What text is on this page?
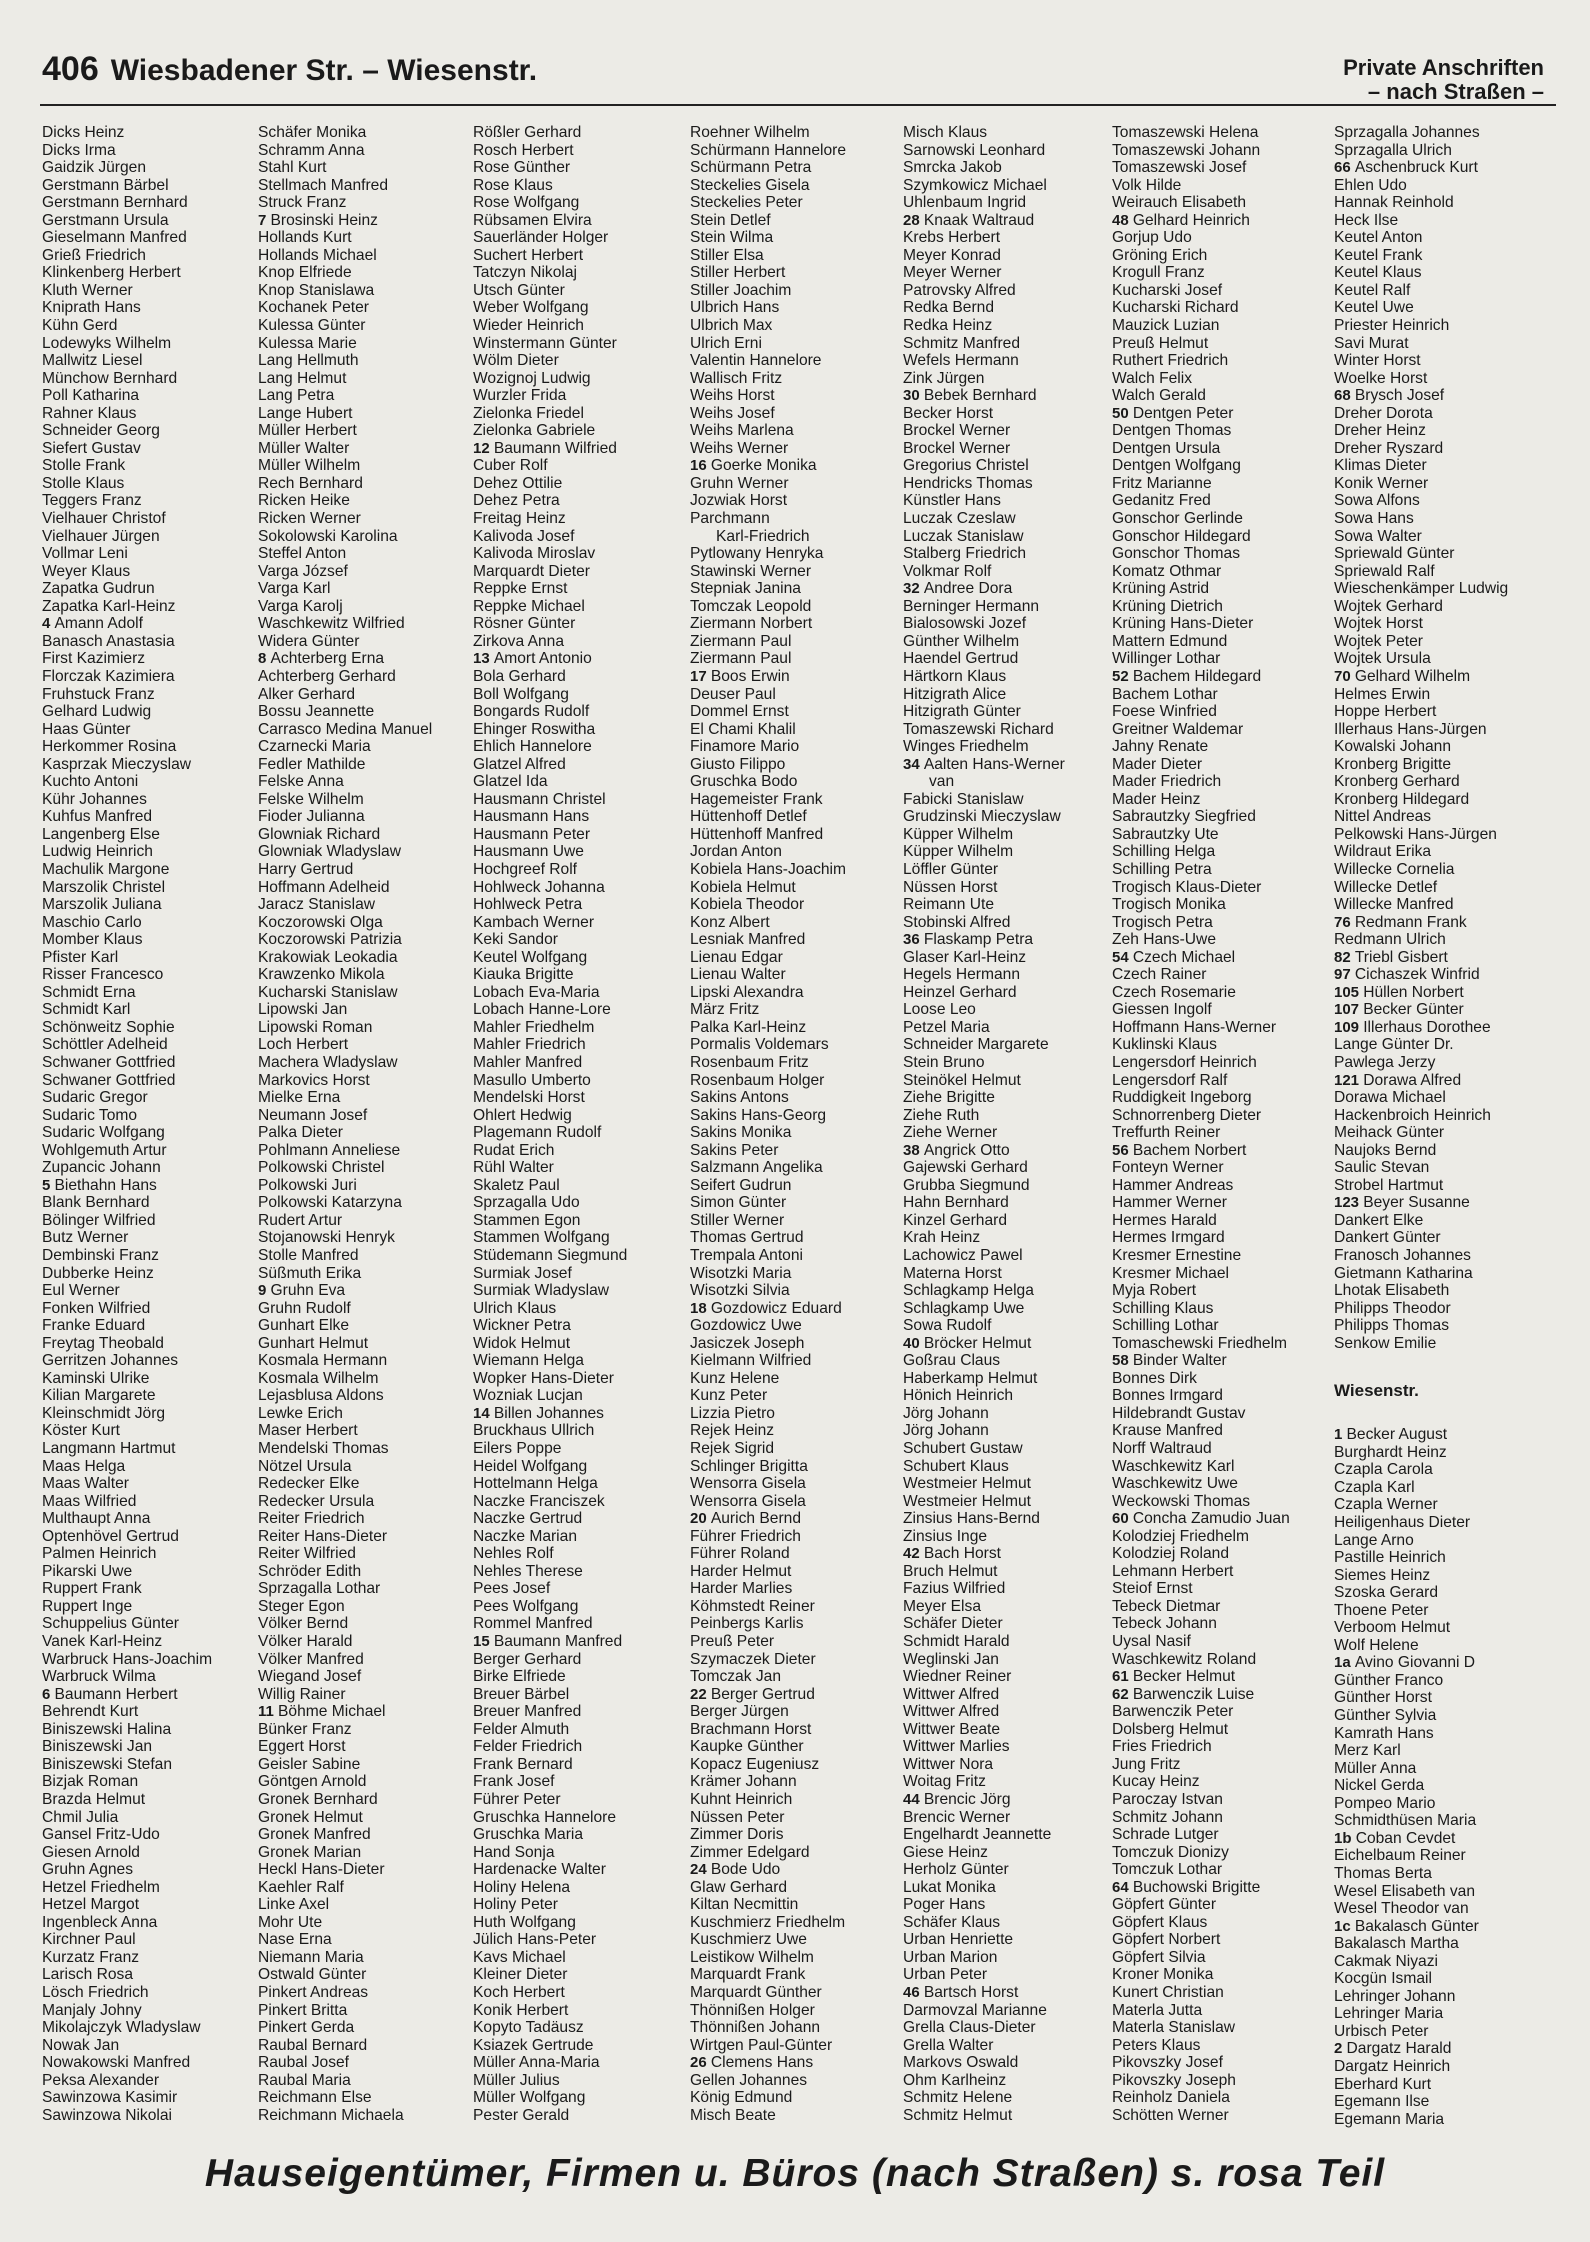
406 Wiesbadener Str. – Wiesenstr.	Private Anschriften
– nach Straßen –
Dicks Heinz
Dicks Irma
Gaidzik Jürgen
Gerstmann Bärbel
Gerstmann Bernhard
Gerstmann Ursula
Gieselmann Manfred
Grieß Friedrich
Klinkenberg Herbert
Kluth Werner
Kniprath Hans
Kühn Gerd
Lodewyks Wilhelm
Mallwitz Liesel
Münchow Bernhard
Poll Katharina
Rahner Klaus
Schneider Georg
Siefert Gustav
Stolle Frank
Stolle Klaus
Teggers Franz
Vielhauer Christof
Vielhauer Jürgen
Vollmar Leni
Weyer Klaus
Zapatka Gudrun
Zapatka Karl-Heinz
4 Amann Adolf
Banasch Anastasia
First Kazimierz
Florczak Kazimiera
Fruhstuck Franz
Gelhard Ludwig
Haas Günter
Herkommer Rosina
Kasprzak Mieczyslaw
Kuchto Antoni
Kühr Johannes
Kuhfus Manfred
Langenberg Else
Ludwig Heinrich
Machulik Margone
Marszolik Christel
Marszolik Juliana
Maschio Carlo
Momber Klaus
Pfister Karl
Risser Francesco
Schmidt Erna
Schmidt Karl
Schönweitz Sophie
Schöttler Adelheid
Schwaner Gottfried
Schwaner Gottfried
Sudaric Gregor
Sudaric Tomo
Sudaric Wolfgang
Wohlgemuth Artur
Zupancic Johann
5 Biethahn Hans
Blank Bernhard
Bölinger Wilfried
Butz Werner
Dembinski Franz
Dubberke Heinz
Eul Werner
Fonken Wilfried
Franke Eduard
Freytag Theobald
Gerritzen Johannes
Kaminski Ulrike
Kilian Margarete
Kleinschmidt Jörg
Köster Kurt
Langmann Hartmut
Maas Helga
Maas Walter
Maas Wilfried
Multhaupt Anna
Optenhövel Gertrud
Palmen Heinrich
Pikarski Uwe
Ruppert Frank
Ruppert Inge
Schuppelius Günter
Vanek Karl-Heinz
Warbruck Hans-Joachim
Warbruck Wilma
6 Baumann Herbert
Behrendt Kurt
Biniszewski Halina
Biniszewski Jan
Biniszewski Stefan
Bizjak Roman
Brazda Helmut
Chmil Julia
Gansel Fritz-Udo
Giesen Arnold
Gruhn Agnes
Hetzel Friedhelm
Hetzel Margot
Ingenbleck Anna
Kirchner Paul
Kurzatz Franz
Larisch Rosa
Lösch Friedrich
Manjaly Johny
Mikolajczyk Wladyslaw
Nowak Jan
Nowakowski Manfred
Peksa Alexander
Sawinzowa Kasimir
Sawinzowa Nikolai
Schäfer Monika
Schramm Anna
Stahl Kurt
Stellmach Manfred
Struck Franz
7 Brosinski Heinz
Hollands Kurt
Hollands Michael
Knop Elfriede
Knop Stanislawa
Kochanek Peter
Kulessa Günter
Kulessa Marie
Lang Hellmuth
Lang Helmut
Lang Petra
Lange Hubert
Müller Herbert
Müller Walter
Müller Wilhelm
Rech Bernhard
Ricken Heike
Ricken Werner
Sokolowski Karolina
Steffel Anton
Varga József
Varga Karl
Varga Karolj
Waschkewitz Wilfried
Widera Günter
8 Achterberg Erna
Achterberg Gerhard
Alker Gerhard
Bossu Jeannette
Carrasco Medina Manuel
Czarnecki Maria
Fedler Mathilde
Felske Anna
Felske Wilhelm
Fioder Julianna
Glowniak Richard
Glowniak Wladyslaw
Harry Gertrud
Hoffmann Adelheid
Jaracz Stanislaw
Koczorowski Olga
Koczorowski Patrizia
Krakowiak Leokadia
Krawzenko Mikola
Kucharski Stanislaw
Lipowski Jan
Lipowski Roman
Loch Herbert
Machera Wladyslaw
Markovics Horst
Mielke Erna
Neumann Josef
Palka Dieter
Pohlmann Anneliese
Polkowski Christel
Polkowski Juri
Polkowski Katarzyna
Rudert Artur
Stojanowski Henryk
Stolle Manfred
Süßmuth Erika
9 Gruhn Eva
Gruhn Rudolf
Gunhart Elke
Gunhart Helmut
Kosmala Hermann
Kosmala Wilhelm
Lejasblusa Aldons
Lewke Erich
Maser Herbert
Mendelski Thomas
Nötzel Ursula
Redecker Elke
Redecker Ursula
Reiter Friedrich
Reiter Hans-Dieter
Reiter Wilfried
Schröder Edith
Sprzagalla Lothar
Steger Egon
Völker Bernd
Völker Harald
Völker Manfred
Wiegand Josef
Willig Rainer
11 Böhme Michael
Bünker Franz
Eggert Horst
Geisler Sabine
Göntgen Arnold
Gronek Bernhard
Gronek Helmut
Gronek Manfred
Gronek Marian
Heckl Hans-Dieter
Kaehler Ralf
Linke Axel
Mohr Ute
Nase Erna
Niemann Maria
Ostwald Günter
Pinkert Andreas
Pinkert Britta
Pinkert Gerda
Raubal Bernard
Raubal Josef
Raubal Maria
Reichmann Else
Reichmann Michaela
Rößler Gerhard
Rosch Herbert
Rose Günther
Rose Klaus
Rose Wolfgang
Rübsamen Elvira
Sauerländer Holger
Suchert Herbert
Tatczyn Nikolaj
Utsch Günter
Weber Wolfgang
Wieder Heinrich
Winstermann Günter
Wölm Dieter
Wozignoj Ludwig
Wurzler Frida
Zielonka Friedel
Zielonka Gabriele
12 Baumann Wilfried
Cuber Rolf
Dehez Ottilie
Dehez Petra
Freitag Heinz
Kalivoda Josef
Kalivoda Miroslav
Marquardt Dieter
Reppke Ernst
Reppke Michael
Rösner Günter
Zirkova Anna
13 Amort Antonio
Bola Gerhard
Boll Wolfgang
Bongards Rudolf
Ehinger Roswitha
Ehlich Hannelore
Glatzel Alfred
Glatzel Ida
Hausmann Christel
Hausmann Hans
Hausmann Peter
Hausmann Uwe
Hochgreef Rolf
Hohlweck Johanna
Hohlweck Petra
Kambach Werner
Keki Sandor
Keutel Wolfgang
Kiauka Brigitte
Lobach Eva-Maria
Lobach Hanne-Lore
Mahler Friedhelm
Mahler Friedrich
Mahler Manfred
Masullo Umberto
Mendelski Horst
Ohlert Hedwig
Plagemann Rudolf
Rudat Erich
Rühl Walter
Skaletz Paul
Sprzagalla Udo
Stammen Egon
Stammen Wolfgang
Stüdemann Siegmund
Surmiak Josef
Surmiak Wladyslaw
Ulrich Klaus
Wickner Petra
Widok Helmut
Wiemann Helga
Wopker Hans-Dieter
Wozniak Lucjan
14 Billen Johannes
Bruckhaus Ullrich
Eilers Poppe
Heidel Wolfgang
Hottelmann Helga
Naczke Franciszek
Naczke Gertrud
Naczke Marian
Nehles Rolf
Nehles Therese
Pees Josef
Pees Wolfgang
Rommel Manfred
15 Baumann Manfred
Berger Gerhard
Birke Elfriede
Breuer Bärbel
Breuer Manfred
Felder Almuth
Felder Friedrich
Frank Bernard
Frank Josef
Führer Peter
Gruschka Hannelore
Gruschka Maria
Hand Sonja
Hardenacke Walter
Holiny Helena
Holiny Peter
Huth Wolfgang
Jülich Hans-Peter
Kavs Michael
Kleiner Dieter
Koch Herbert
Konik Herbert
Kopyto Tadäusz
Ksiazek Gertrude
Müller Anna-Maria
Müller Julius
Müller Wolfgang
Pester Gerald
Roehner Wilhelm
Schürmann Hannelore
Schürmann Petra
Steckelies Gisela
Steckelies Peter
Stein Detlef
Stein Wilma
Stiller Elsa
Stiller Herbert
Stiller Joachim
Ulbrich Hans
Ulbrich Max
Ulrich Erni
Valentin Hannelore
Wallisch Fritz
Weihs Horst
Weihs Josef
Weihs Marlena
Weihs Werner
16 Goerke Monika
Gruhn Werner
Jozwiak Horst
Parchmann
Karl-Friedrich
Pytlowany Henryka
Stawinski Werner
Stepniak Janina
Tomczak Leopold
Ziermann Norbert
Ziermann Paul
Ziermann Paul
17 Boos Erwin
Deuser Paul
Dommel Ernst
El Chami Khalil
Finamore Mario
Giusto Filippo
Gruschka Bodo
Hagemeister Frank
Hüttenhoff Detlef
Hüttenhoff Manfred
Jordan Anton
Kobiela Hans-Joachim
Kobiela Helmut
Kobiela Theodor
Konz Albert
Lesniak Manfred
Lienau Edgar
Lienau Walter
Lipski Alexandra
März Fritz
Palka Karl-Heinz
Pormalis Voldemars
Rosenbaum Fritz
Rosenbaum Holger
Sakins Antons
Sakins Hans-Georg
Sakins Monika
Sakins Peter
Salzmann Angelika
Seifert Gudrun
Simon Günter
Stiller Werner
Thomas Gertrud
Trempala Antoni
Wisotzki Maria
Wisotzki Silvia
18 Gozdowicz Eduard
Gozdowicz Uwe
Jasiczek Joseph
Kielmann Wilfried
Kunz Helene
Kunz Peter
Lizzia Pietro
Rejek Heinz
Rejek Sigrid
Schlinger Brigitta
Wensorra Gisela
Wensorra Gisela
20 Aurich Bernd
Führer Friedrich
Führer Roland
Harder Helmut
Harder Marlies
Köhmstedt Reiner
Peinbergs Karlis
Preuß Peter
Szymaczek Dieter
Tomczak Jan
22 Berger Gertrud
Berger Jürgen
Brachmann Horst
Kaupke Günther
Kopacz Eugeniusz
Krämer Johann
Kuhnt Heinrich
Nüssen Peter
Zimmer Doris
Zimmer Edelgard
24 Bode Udo
Glaw Gerhard
Kiltan Necmittin
Kuschmierz Friedhelm
Kuschmierz Uwe
Leistikow Wilhelm
Marquardt Frank
Marquardt Günther
Thönnißen Holger
Thönnißen Johann
Wirtgen Paul-Günter
26 Clemens Hans
Gellen Johannes
König Edmund
Misch Beate
Misch Klaus
Sarnowski Leonhard
Smrcka Jakob
Szymkowicz Michael
Uhlenbaum Ingrid
28 Knaak Waltraud
Krebs Herbert
Meyer Konrad
Meyer Werner
Patrovsky Alfred
Redka Bernd
Redka Heinz
Schmitz Manfred
Wefels Hermann
Zink Jürgen
30 Bebek Bernhard
Becker Horst
Brockel Werner
Brockel Werner
Gregorius Christel
Hendricks Thomas
Künstler Hans
Luczak Czeslaw
Luczak Stanislaw
Stalberg Friedrich
Volkmar Rolf
32 Andree Dora
Berninger Hermann
Bialosowski Jozef
Günther Wilhelm
Haendel Gertrud
Härtkorn Klaus
Hitzigrath Alice
Hitzigrath Günter
Tomaszewski Richard
Winges Friedhelm
34 Aalten Hans-Werner
van
Fabicki Stanislaw
Grudzinski Mieczyslaw
Küpper Wilhelm
Küpper Wilhelm
Löffler Günter
Nüssen Horst
Reimann Ute
Stobinski Alfred
36 Flaskamp Petra
Glaser Karl-Heinz
Hegels Hermann
Heinzel Gerhard
Loose Leo
Petzel Maria
Schneider Margarete
Stein Bruno
Steinökel Helmut
Ziehe Brigitte
Ziehe Ruth
Ziehe Werner
38 Angrick Otto
Gajewski Gerhard
Grubba Siegmund
Hahn Bernhard
Kinzel Gerhard
Krah Heinz
Lachowicz Pawel
Materna Horst
Schlagkamp Helga
Schlagkamp Uwe
Sowa Rudolf
40 Bröcker Helmut
Goßrau Claus
Haberkamp Helmut
Hönich Heinrich
Jörg Johann
Jörg Johann
Schubert Gustaw
Schubert Klaus
Westmeier Helmut
Westmeier Helmut
Zinsius Hans-Bernd
Zinsius Inge
42 Bach Horst
Bruch Helmut
Fazius Wilfried
Meyer Elsa
Schäfer Dieter
Schmidt Harald
Weglinski Jan
Wiedner Reiner
Wittwer Alfred
Wittwer Alfred
Wittwer Beate
Wittwer Marlies
Wittwer Nora
Woitag Fritz
44 Brencic Jörg
Brencic Werner
Engelhardt Jeannette
Giese Heinz
Herholz Günter
Lukat Monika
Poger Hans
Schäfer Klaus
Urban Henriette
Urban Marion
Urban Peter
46 Bartsch Horst
Darmovzal Marianne
Grella Claus-Dieter
Grella Walter
Markovs Oswald
Ohm Karlheinz
Schmitz Helene
Schmitz Helmut
Tomaszewski Helena
Tomaszewski Johann
Tomaszewski Josef
Volk Hilde
Weirauch Elisabeth
48 Gelhard Heinrich
Gorjup Udo
Gröning Erich
Krogull Franz
Kucharski Josef
Kucharski Richard
Mauzick Luzian
Preuß Helmut
Ruthert Friedrich
Walch Felix
Walch Gerald
50 Dentgen Peter
Dentgen Thomas
Dentgen Ursula
Dentgen Wolfgang
Fritz Marianne
Gedanitz Fred
Gonschor Gerlinde
Gonschor Hildegard
Gonschor Thomas
Komatz Othmar
Krüning Astrid
Krüning Dietrich
Krüning Hans-Dieter
Mattern Edmund
Willinger Lothar
52 Bachem Hildegard
Bachem Lothar
Foese Winfried
Greitner Waldemar
Jahny Renate
Mader Dieter
Mader Friedrich
Mader Heinz
Sabrautzky Siegfried
Sabrautzky Ute
Schilling Helga
Schilling Petra
Trogisch Klaus-Dieter
Trogisch Monika
Trogisch Petra
Zeh Hans-Uwe
54 Czech Michael
Czech Rainer
Czech Rosemarie
Giessen Ingolf
Hoffmann Hans-Werner
Kuklinski Klaus
Lengersdorf Heinrich
Lengersdorf Ralf
Ruddigkeit Ingeborg
Schnorrenberg Dieter
Treffurth Reiner
56 Bachem Norbert
Fonteyn Werner
Hammer Andreas
Hammer Werner
Hermes Harald
Hermes Irmgard
Kresmer Ernestine
Kresmer Michael
Myja Robert
Schilling Klaus
Schilling Lothar
Tomaschewski Friedhelm
58 Binder Walter
Bonnes Dirk
Bonnes Irmgard
Hildebrandt Gustav
Krause Manfred
Norff Waltraud
Waschkewitz Karl
Waschkewitz Uwe
Weckowski Thomas
60 Concha Zamudio Juan
Kolodziej Friedhelm
Kolodziej Roland
Lehmann Herbert
Steiof Ernst
Tebeck Dietmar
Tebeck Johann
Uysal Nasif
Waschkewitz Roland
61 Becker Helmut
62 Barwenczik Luise
Barwenczik Peter
Dolsberg Helmut
Fries Friedrich
Jung Fritz
Kucay Heinz
Paroczay Istvan
Schmitz Johann
Schrade Lutger
Tomczuk Dionizy
Tomczuk Lothar
64 Buchowski Brigitte
Göpfert Günter
Göpfert Klaus
Göpfert Norbert
Göpfert Silvia
Kroner Monika
Kunert Christian
Materla Jutta
Materla Stanislaw
Peters Klaus
Pikovszky Josef
Pikovszky Joseph
Reinholz Daniela
Schötten Werner
Sprzagalla Johannes
Sprzagalla Ulrich
66 Aschenbruck Kurt
Ehlen Udo
Hannak Reinhold
Heck Ilse
Keutel Anton
Keutel Frank
Keutel Klaus
Keutel Ralf
Keutel Uwe
Priester Heinrich
Savi Murat
Winter Horst
Woelke Horst
68 Brysch Josef
Dreher Dorota
Dreher Heinz
Dreher Ryszard
Klimas Dieter
Konik Werner
Sowa Alfons
Sowa Hans
Sowa Walter
Spriewald Günter
Spriewald Ralf
Wieschenkämper Ludwig
Wojtek Gerhard
Wojtek Horst
Wojtek Peter
Wojtek Ursula
70 Gelhard Wilhelm
Helmes Erwin
Hoppe Herbert
Illerhaus Hans-Jürgen
Kowalski Johann
Kronberg Brigitte
Kronberg Gerhard
Kronberg Hildegard
Nittel Andreas
Pelkowski Hans-Jürgen
Wildraut Erika
Willecke Cornelia
Willecke Detlef
Willecke Manfred
76 Redmann Frank
Redmann Ulrich
82 Triebl Gisbert
97 Cichaszek Winfrid
105 Hüllen Norbert
107 Becker Günter
109 Illerhaus Dorothee
Lange Günter Dr.
Pawlega Jerzy
121 Dorawa Alfred
Dorawa Michael
Hackenbroich Heinrich
Meihack Günter
Naujoks Bernd
Saulic Stevan
Strobel Hartmut
123 Beyer Susanne
Dankert Elke
Dankert Günter
Franosch Johannes
Gietmann Katharina
Lhotak Elisabeth
Philipps Theodor
Philipps Thomas
Senkow Emilie
Wiesenstr.
1 Becker August
Burghardt Heinz
Czapla Carola
Czapla Karl
Czapla Werner
Heiligenhaus Dieter
Lange Arno
Pastille Heinrich
Siemes Heinz
Szoska Gerard
Thoene Peter
Verboom Helmut
Wolf Helene
1a Avino Giovanni D
Günther Franco
Günther Horst
Günther Sylvia
Kamrath Hans
Merz Karl
Müller Anna
Nickel Gerda
Pompeo Mario
Schmidthüsen Maria
1b Coban Cevdet
Eichelbaum Reiner
Thomas Berta
Wesel Elisabeth van
Wesel Theodor van
1c Bakalasch Günter
Bakalasch Martha
Cakmak Niyazi
Kocgün Ismail
Lehringer Johann
Lehringer Maria
Urbisch Peter
2 Dargatz Harald
Dargatz Heinrich
Eberhard Kurt
Egemann Ilse
Egemann Maria
Hauseigentümer, Firmen u. Büros (nach Straßen) s. rosa Teil
